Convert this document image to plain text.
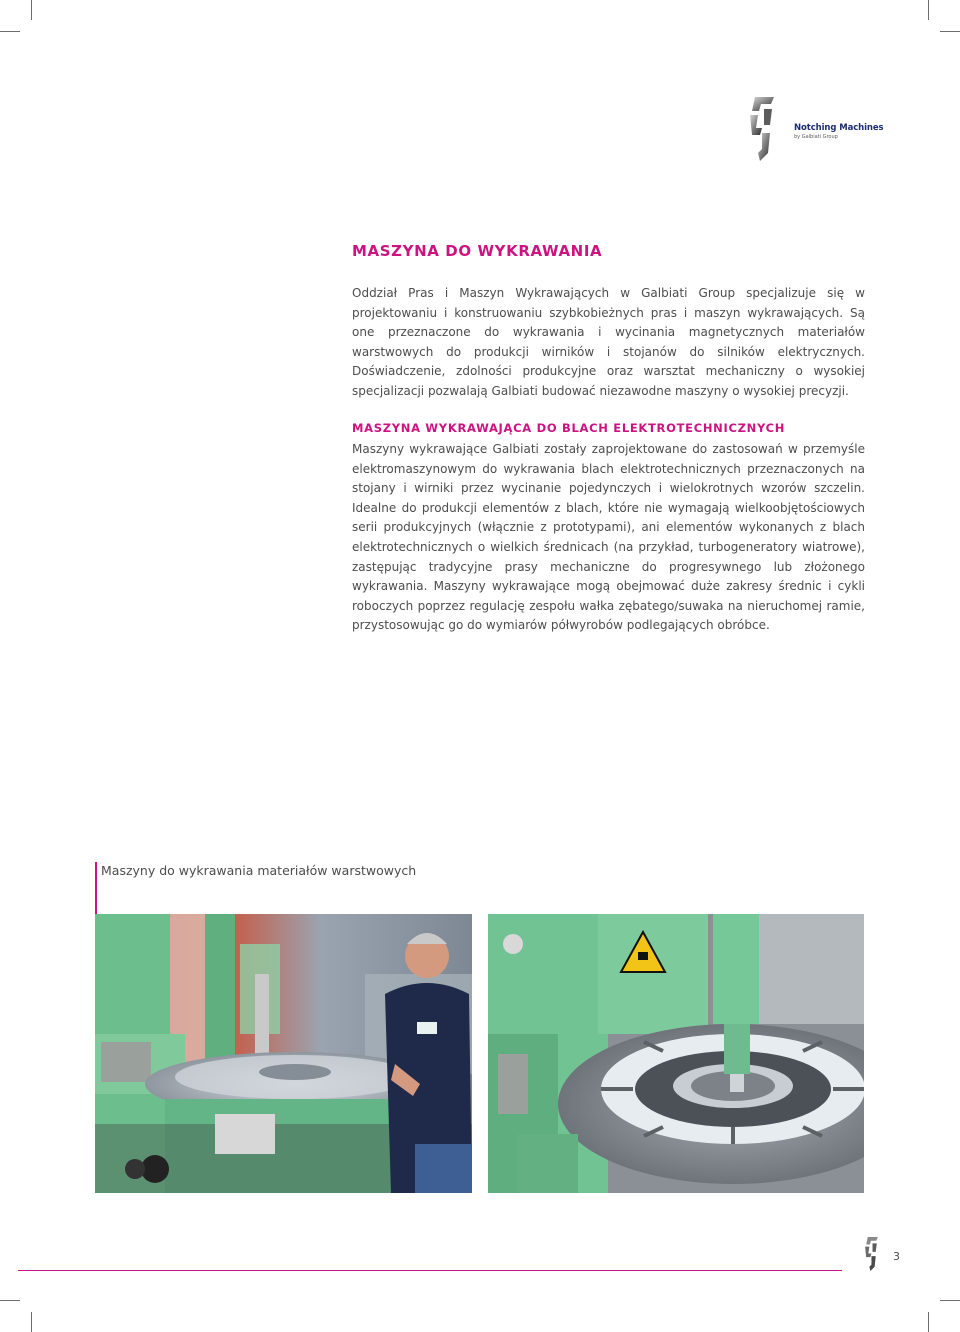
Notching Machines
by Galbiati Group
MASZYNA DO WYKRAWANIA

Oddział Pras i Maszyn Wykrawających w Galbiati Group specjalizuje się w projektowaniu i konstruowaniu szybkobieżnych pras i maszyn wykrawających. Są one przeznaczone do wykrawania i wycinania magnetycznych materiałów warstwowych do produkcji wirników i stojanów do silników elektrycznych. Doświadczenie, zdolności produkcyjne oraz warsztat mechaniczny o wysokiej specjalizacji pozwalają Galbiati budować niezawodne maszyny o wysokiej precyzji.

MASZYNA WYKRAWAJĄCA DO BLACH ELEKTROTECHNICZNYCH

Maszyny wykrawające Galbiati zostały zaprojektowane do zastosowań w przemyśle elektromaszynowym do wykrawania blach elektrotechnicznych przeznaczonych na stojany i wirniki przez wycinanie pojedynczych i wielokrotnych wzorów szczelin. Idealne do produkcji elementów z blach, które nie wymagają wielkoobjętościowych serii produkcyjnych (włącznie z prototypami), ani elementów wykonanych z blach elektrotechnicznych o wielkich średnicach (na przykład, turbogeneratory wiatrowe), zastępując tradycyjne prasy mechaniczne do progresywnego lub złożonego wykrawania. Maszyny wykrawające mogą obejmować duże zakresy średnic i cykli roboczych poprzez regulację zespołu wałka zębatego/suwaka na nieruchomej ramie, przystosowując go do wymiarów półwyrobów podlegających obróbce.

Maszyny do wykrawania materiałów warstwowych
3
